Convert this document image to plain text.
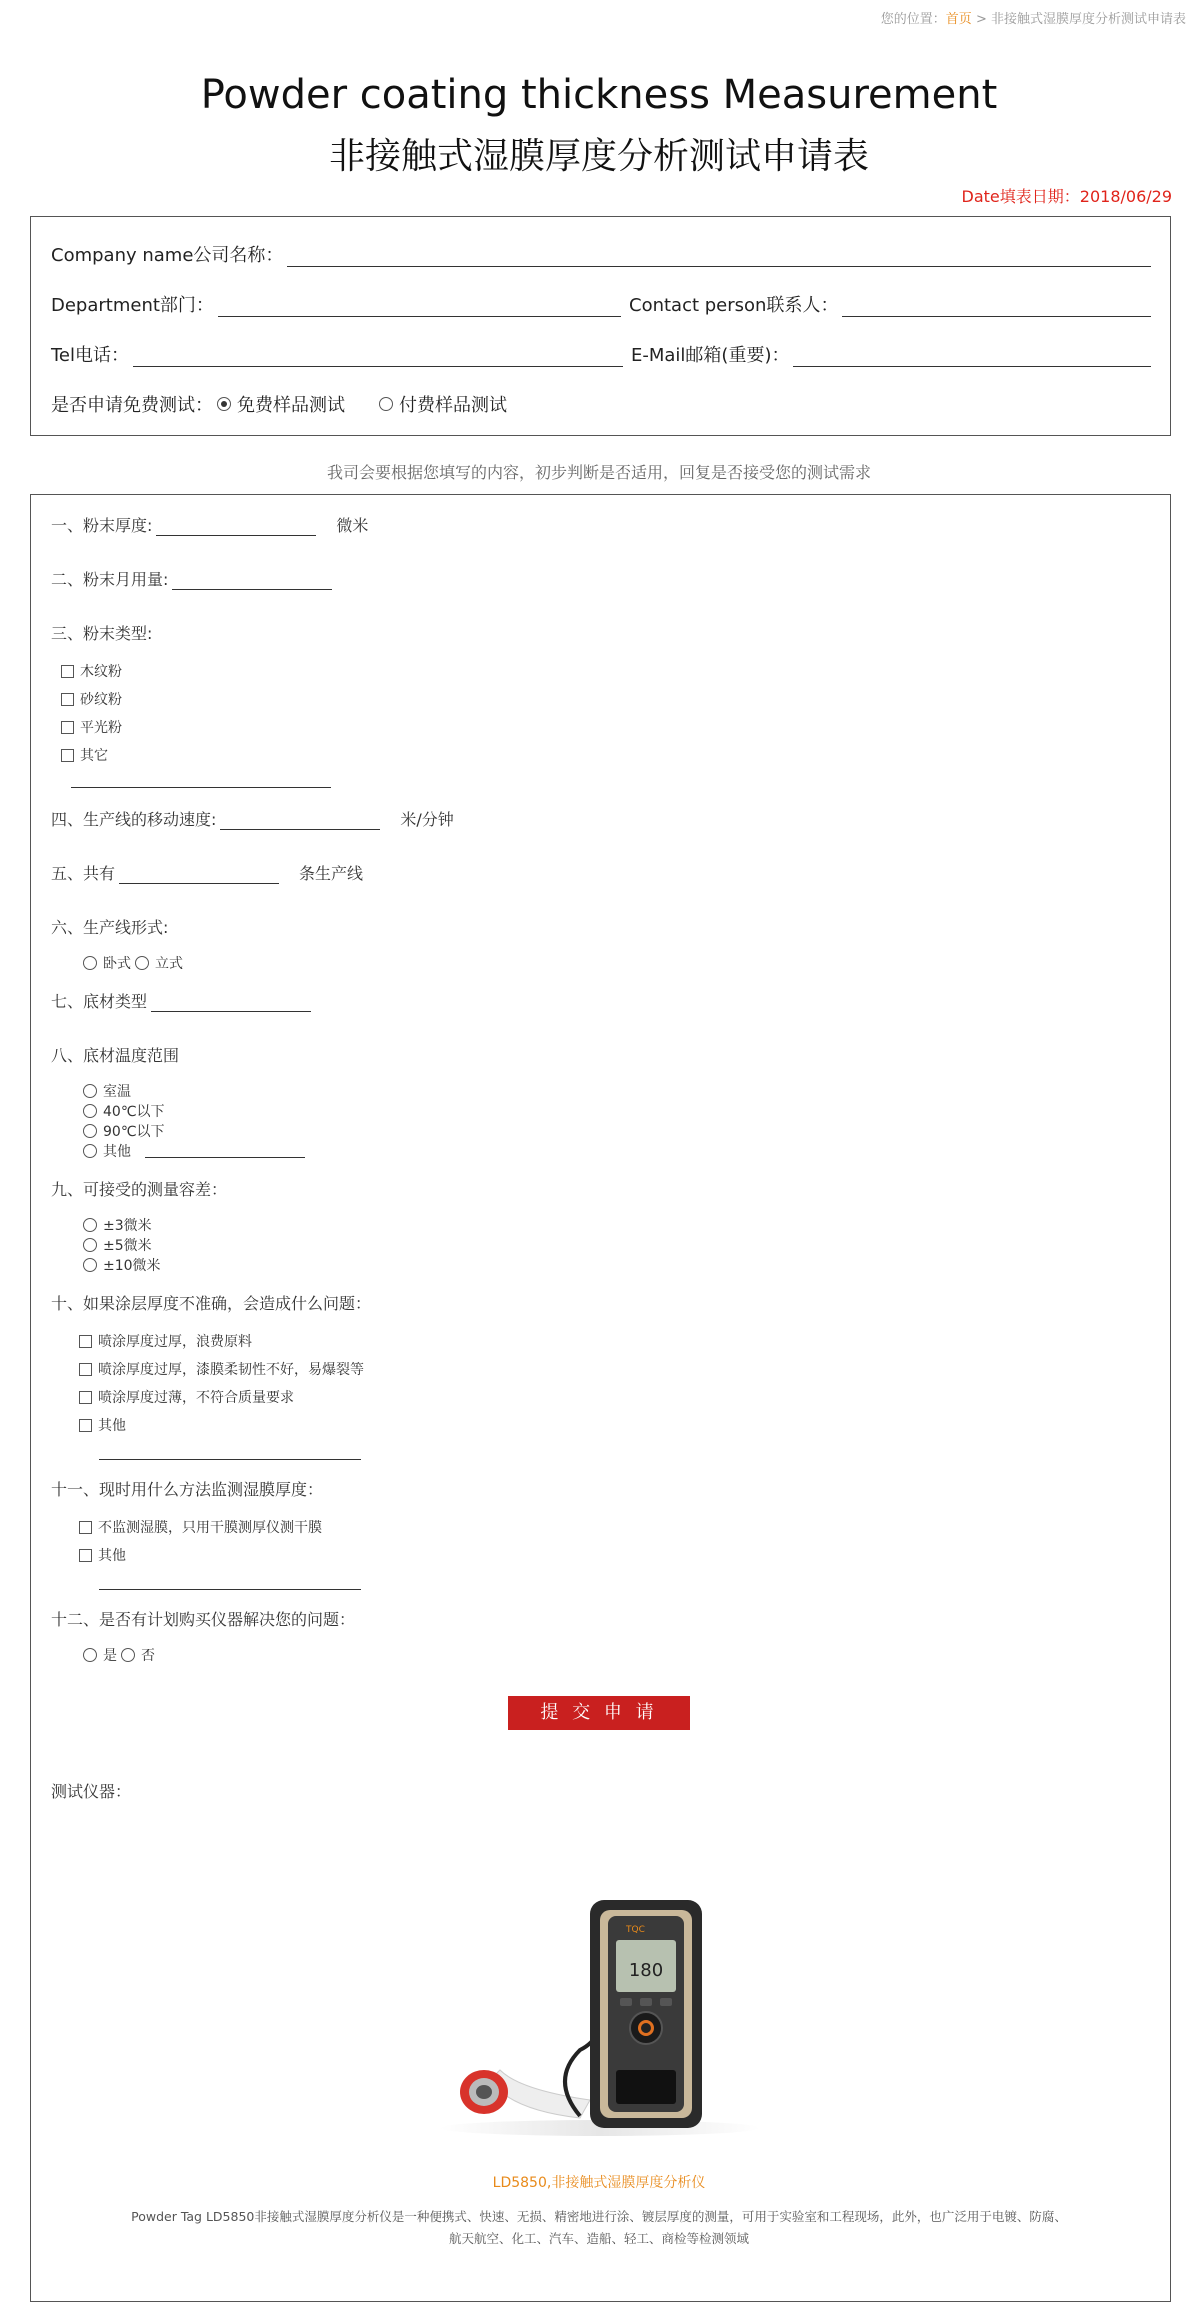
您的位置：首页 > 非接触式湿膜厚度分析测试申请表
Powder coating thickness Measurement
非接触式湿膜厚度分析测试申请表
Date填表日期：2018/06/29
Company name公司名称：
Department部门：	Contact person联系人：
Tel电话：	E-Mail邮箱(重要)：
是否申请免费测试： 免费样品测试	付费样品测试
我司会要根据您填写的内容，初步判断是否适用，回复是否接受您的测试需求
一、粉末厚度:	微米
二、粉末月用量:
三、粉末类型:
木纹粉
砂纹粉
平光粉
其它
四、生产线的移动速度:	米/分钟
五、共有	条生产线
六、生产线形式:
卧式 立式
七、底材类型
八、底材温度范围
室温
40℃以下
90℃以下
其他
九、可接受的测量容差：
±3微米
±5微米
±10微米
十、如果涂层厚度不准确，会造成什么问题：
喷涂厚度过厚，浪费原料
喷涂厚度过厚，漆膜柔韧性不好，易爆裂等
喷涂厚度过薄，不符合质量要求
其他
十一、现时用什么方法监测湿膜厚度：
不监测湿膜，只用干膜测厚仪测干膜
其他
十二、是否有计划购买仪器解决您的问题：
是 否
测试仪器：
提 交 申 请
180
TQC
LD5850,非接触式湿膜厚度分析仪
Powder Tag LD5850非接触式湿膜厚度分析仪是一种便携式、快速、无损、精密地进行涂、镀层厚度的测量，可用于实验室和工程现场，此外，也广泛用于电镀、防腐、航天航空、化工、汽车、造船、轻工、商检等检测领域
